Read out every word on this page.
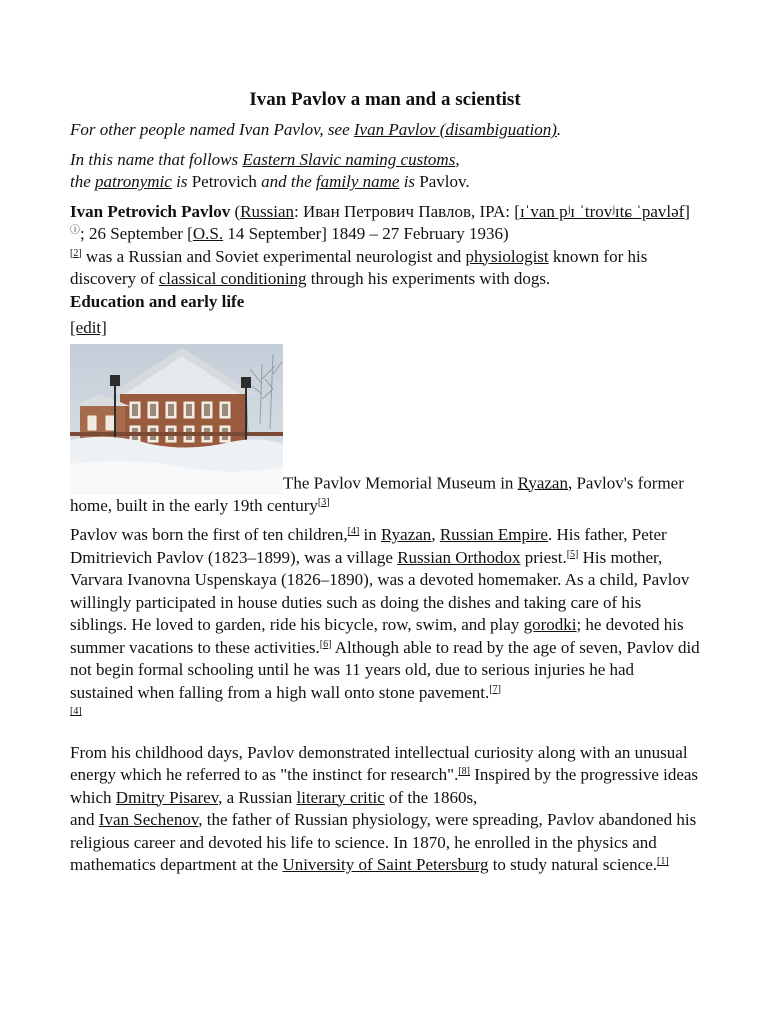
Ivan Pavlov a man and a scientist

For other people named Ivan Pavlov, see Ivan Pavlov (disambiguation).

In this name that follows Eastern Slavic naming customs,
the patronymic is Petrovich and the family name is Pavlov.

Ivan Petrovich Pavlov (Russian: Иван Петрович Павлов, IPA: [ɪˈvan pʲɪ ˈtrovʲɪtɕ ˈpavləf] ⓘ; 26 September [O.S. 14 September] 1849 – 27 February 1936)
[2] was a Russian and Soviet experimental neurologist and physiologist known for his discovery of classical conditioning through his experiments with dogs.

Education and early life
[edit]

The Pavlov Memorial Museum in Ryazan, Pavlov's former home, built in the early 19th century[3]

Pavlov was born the first of ten children,[4] in Ryazan, Russian Empire. His father, Peter Dmitrievich Pavlov (1823–1899), was a village Russian Orthodox priest.[5] His mother, Varvara Ivanovna Uspenskaya (1826–1890), was a devoted homemaker. As a child, Pavlov willingly participated in house duties such as doing the dishes and taking care of his siblings. He loved to garden, ride his bicycle, row, swim, and play gorodki; he devoted his summer vacations to these activities.[6] Although able to read by the age of seven, Pavlov did not begin formal schooling until he was 11 years old, due to serious injuries he had sustained when falling from a high wall onto stone pavement.[7]
[4]

From his childhood days, Pavlov demonstrated intellectual curiosity along with an unusual energy which he referred to as "the instinct for research".[8] Inspired by the progressive ideas which Dmitry Pisarev, a Russian literary critic of the 1860s,
and Ivan Sechenov, the father of Russian physiology, were spreading, Pavlov abandoned his religious career and devoted his life to science. In 1870, he enrolled in the physics and mathematics department at the University of Saint Petersburg to study natural science.[1]
